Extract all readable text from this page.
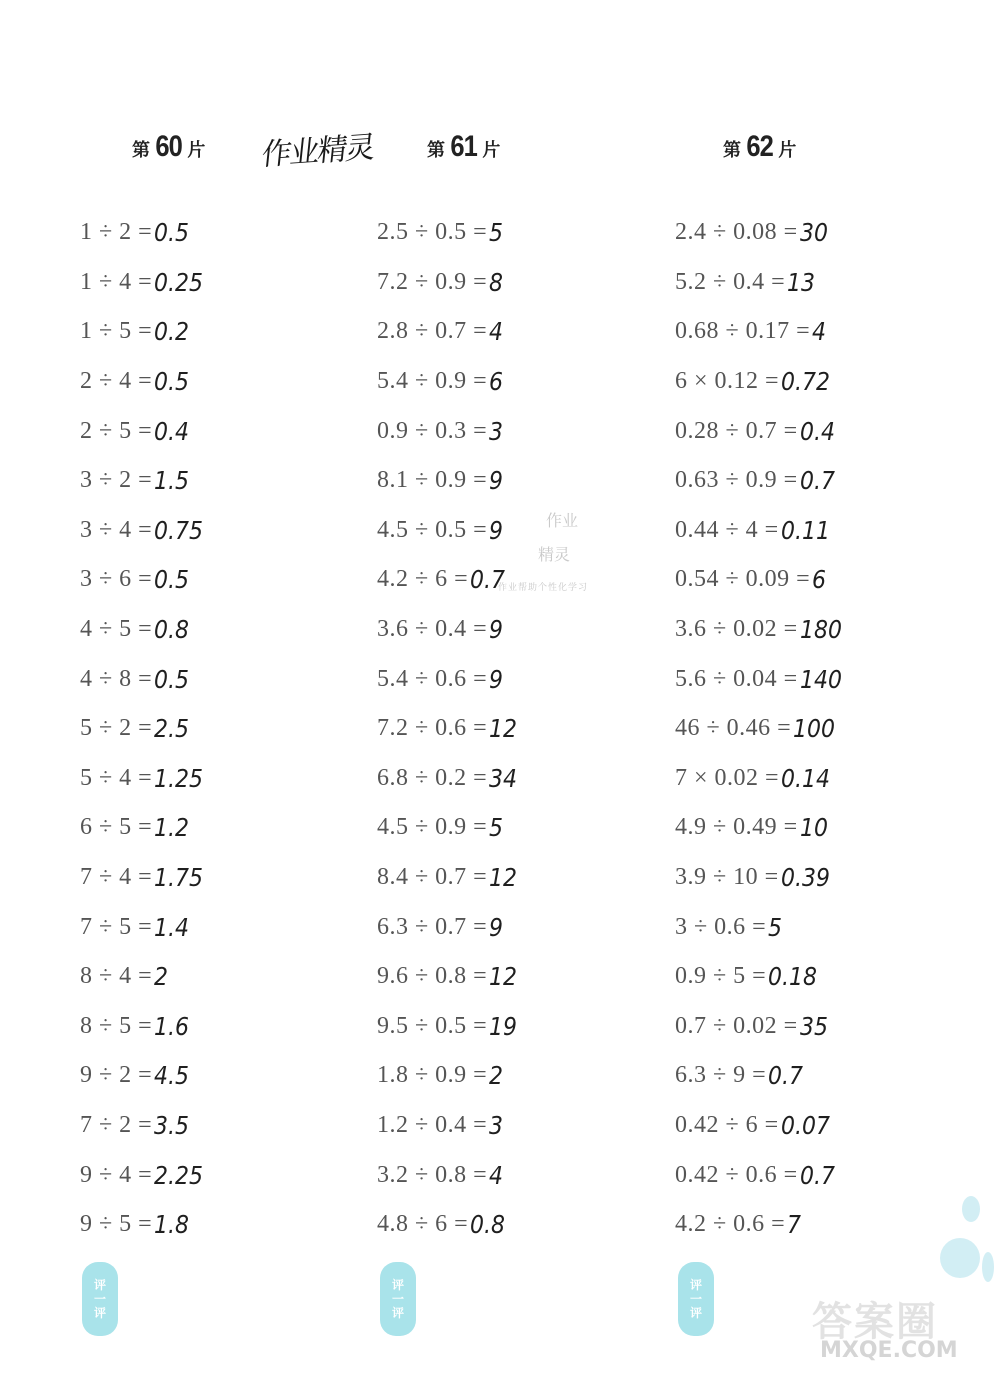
作业精灵
第 60 片
1 ÷ 2 = 0.5
1 ÷ 4 = 0.25
1 ÷ 5 = 0.2
2 ÷ 4 = 0.5
2 ÷ 5 = 0.4
3 ÷ 2 = 1.5
3 ÷ 4 = 0.75
3 ÷ 6 = 0.5
4 ÷ 5 = 0.8
4 ÷ 8 = 0.5
5 ÷ 2 = 2.5
5 ÷ 4 = 1.25
6 ÷ 5 = 1.2
7 ÷ 4 = 1.75
7 ÷ 5 = 1.4
8 ÷ 4 = 2
8 ÷ 5 = 1.6
9 ÷ 2 = 4.5
7 ÷ 2 = 3.5
9 ÷ 4 = 2.25
9 ÷ 5 = 1.8
第 61 片
2.5 ÷ 0.5 = 5
7.2 ÷ 0.9 = 8
2.8 ÷ 0.7 = 4
5.4 ÷ 0.9 = 6
0.9 ÷ 0.3 = 3
8.1 ÷ 0.9 = 9
4.5 ÷ 0.5 = 9
4.2 ÷ 6 = 0.7
3.6 ÷ 0.4 = 9
5.4 ÷ 0.6 = 9
7.2 ÷ 0.6 = 12
6.8 ÷ 0.2 = 34
4.5 ÷ 0.9 = 5
8.4 ÷ 0.7 = 12
6.3 ÷ 0.7 = 9
9.6 ÷ 0.8 = 12
9.5 ÷ 0.5 = 19
1.8 ÷ 0.9 = 2
1.2 ÷ 0.4 = 3
3.2 ÷ 0.8 = 4
4.8 ÷ 6 = 0.8
第 62 片
2.4 ÷ 0.08 = 30
5.2 ÷ 0.4 = 13
0.68 ÷ 0.17 = 4
6 × 0.12 = 0.72
0.28 ÷ 0.7 = 0.4
0.63 ÷ 0.9 = 0.7
0.44 ÷ 4 = 0.11
0.54 ÷ 0.09 = 6
3.6 ÷ 0.02 = 180
5.6 ÷ 0.04 = 140
46 ÷ 0.46 = 100
7 × 0.02 = 0.14
4.9 ÷ 0.49 = 10
3.9 ÷ 10 = 0.39
3 ÷ 0.6 = 5
0.9 ÷ 5 = 0.18
0.7 ÷ 0.02 = 35
6.3 ÷ 9 = 0.7
0.42 ÷ 6 = 0.07
0.42 ÷ 0.6 = 0.7
4.2 ÷ 0.6 = 7
作业
精灵
作业帮助个性化学习
评
一
评
评
一
评
评
一
评	答案圈
MXQE.COM
